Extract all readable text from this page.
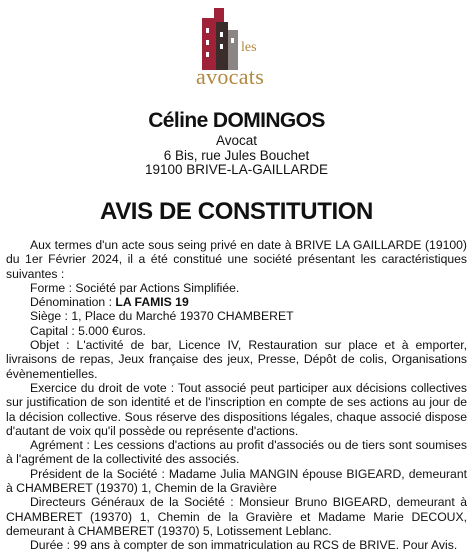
les
avocats
Céline DOMINGOS
Avocat
6 Bis, rue Jules Bouchet
19100 BRIVE-LA-GAILLARDE
AVIS DE CONSTITUTION

Aux termes d'un acte sous seing privé en date à BRIVE LA GAILLARDE (19100) du 1er Février 2024, il a été constitué une société présentant les caractéristiques suivantes :

Forme : Société par Actions Simplifiée.

Dénomination : LA FAMIS 19

Siège : 1, Place du Marché 19370 CHAMBERET

Capital : 5.000 €uros.

Objet : L'activité de bar, Licence IV, Restauration sur place et à emporter, livraisons de repas, Jeux française des jeux, Presse, Dépôt de colis, Organisations évènementielles.

Exercice du droit de vote : Tout associé peut participer aux décisions collectives sur justification de son identité et de l'inscription en compte de ses actions au jour de la décision collective. Sous réserve des dispositions légales, chaque associé dispose d'autant de voix qu'il possède ou représente d'actions.

Agrément : Les cessions d'actions au profit d'associés ou de tiers sont soumises à l'agrément de la collectivité des associés.

Président de la Société : Madame Julia MANGIN épouse BIGEARD, demeurant à CHAMBERET (19370) 1, Chemin de la Gravière

Directeurs Généraux de la Société : Monsieur Bruno BIGEARD, demeurant à CHAMBERET (19370) 1, Chemin de la Gravière et Madame Marie DECOUX, demeurant à CHAMBERET (19370) 5, Lotissement Leblanc.

Durée : 99 ans à compter de son immatriculation au RCS de BRIVE. Pour Avis.
